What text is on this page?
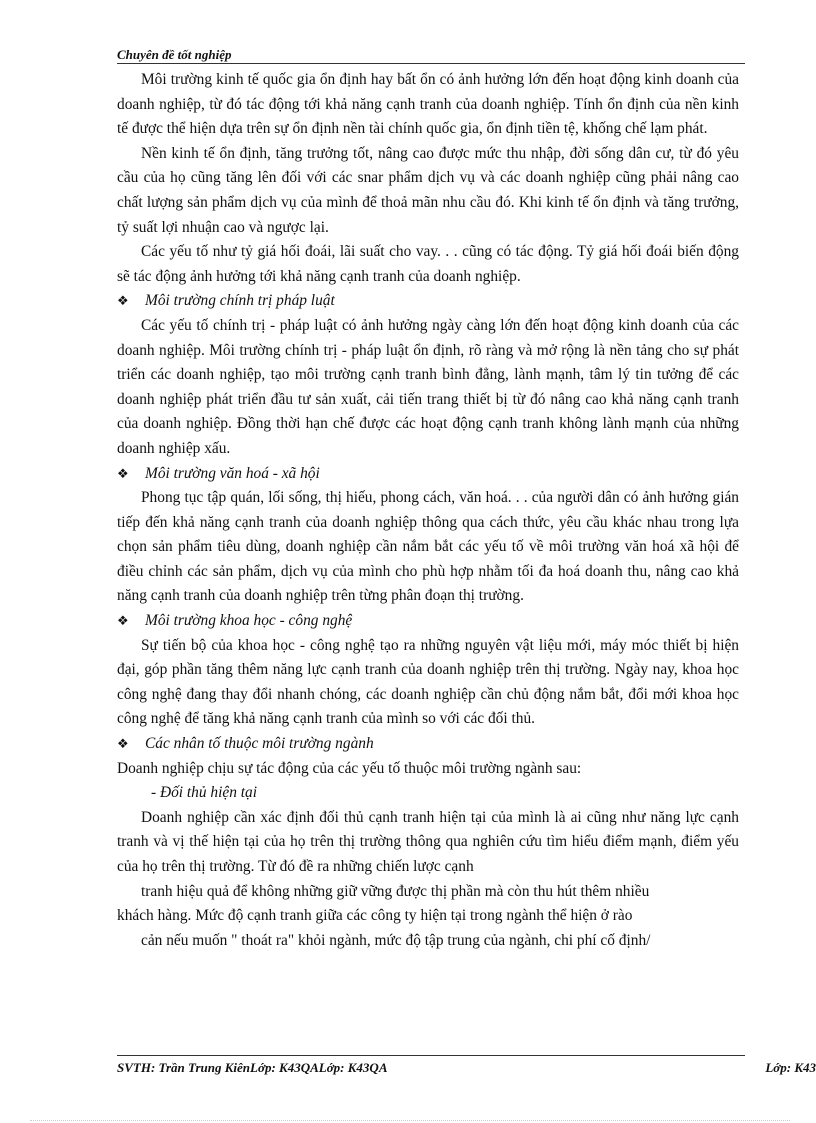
Chuyên đề tốt nghiệp

Môi trường kinh tế quốc gia ổn định hay bất ổn có ảnh hưởng lớn đến hoạt động kinh doanh của doanh nghiệp, từ đó tác động tới khả năng cạnh tranh của doanh nghiệp. Tính ổn định của nền kinh tế được thể hiện dựa trên sự ổn định nền tài chính quốc gia, ổn định tiền tệ, khống chế lạm phát.

Nền kinh tế ổn định, tăng trưởng tốt, nâng cao được mức thu nhập, đời sống dân cư, từ đó yêu cầu của họ cũng tăng lên đối với các snar phẩm dịch vụ và các doanh nghiệp cũng phải nâng cao chất lượng sản phẩm dịch vụ của mình để thoả mãn nhu cầu đó. Khi kinh tế ổn định và tăng trưởng, tỷ suất lợi nhuận cao và ngược lại.

Các yếu tố như tỷ giá hối đoái, lãi suất cho vay. . . cũng có tác động. Tỷ giá hối đoái biến động sẽ tác động ảnh hưởng tới khả năng cạnh tranh của doanh nghiệp.

❖ Môi trường chính trị pháp luật

Các yếu tố chính trị - pháp luật có ảnh hưởng ngày càng lớn đến hoạt động kinh doanh của các doanh nghiệp. Môi trường chính trị - pháp luật ổn định, rõ ràng và mở rộng là nền tảng cho sự phát triển các doanh nghiệp, tạo môi trường cạnh tranh bình đẳng, lành mạnh, tâm lý tin tưởng để các doanh nghiệp phát triển đầu tư sản xuất, cải tiến trang thiết bị từ đó nâng cao khả năng cạnh tranh của doanh nghiệp. Đồng thời hạn chế được các hoạt động cạnh tranh không lành mạnh của những doanh nghiệp xấu.

❖ Môi trường văn hoá - xã hội

Phong tục tập quán, lối sống, thị hiếu, phong cách, văn hoá. . . của người dân có ảnh hưởng gián tiếp đến khả năng cạnh tranh của doanh nghiệp thông qua cách thức, yêu cầu khác nhau trong lựa chọn sản phẩm tiêu dùng, doanh nghiệp cần nắm bắt các yếu tố về môi trường văn hoá xã hội để điều chỉnh các sản phẩm, dịch vụ của mình cho phù hợp nhằm tối đa hoá doanh thu, nâng cao khả năng cạnh tranh của doanh nghiệp trên từng phân đoạn thị trường.

❖ Môi trường khoa học - công nghệ

Sự tiến bộ của khoa học - công nghệ tạo ra những nguyên vật liệu mới, máy móc thiết bị hiện đại, góp phần tăng thêm năng lực cạnh tranh của doanh nghiệp trên thị trường. Ngày nay, khoa học công nghệ đang thay đổi nhanh chóng, các doanh nghiệp cần chủ động nắm bắt, đổi mới khoa học công nghệ để tăng khả năng cạnh tranh của mình so với các đối thủ.

❖ Các nhân tố thuộc môi trường ngành

Doanh nghiệp chịu sự tác động của các yếu tố thuộc môi trường ngành sau:

- Đối thủ hiện tại

Doanh nghiệp cần xác định đối thủ cạnh tranh hiện tại của mình là ai cũng như năng lực cạnh tranh và vị thế hiện tại của họ trên thị trường thông qua nghiên cứu tìm hiểu điểm mạnh, điểm yếu của họ trên thị trường. Từ đó đề ra những chiến lược cạnh

tranh hiệu quả để không những giữ vững được thị phần mà còn thu hút thêm nhiều

khách hàng. Mức độ cạnh tranh giữa các công ty hiện tại trong ngành thể hiện ở rào

cản nếu muốn " thoát ra" khỏi ngành, mức độ tập trung của ngành, chi phí cố định/

SVTH: Trần Trung KiênLớp: K43QALớp: K43QA	Lớp: K43
